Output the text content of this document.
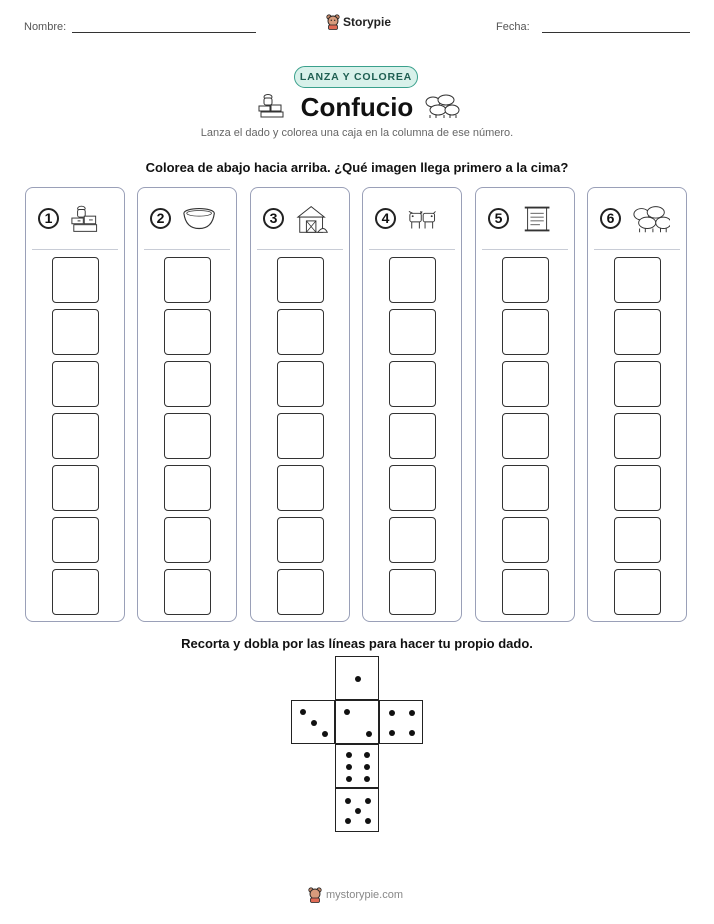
Nombre:	Storypie	Fecha:
LANZA Y COLOREA
Confucio
Lanza el dado y colorea una caja en la columna de ese número.
Colorea de abajo hacia arriba. ¿Qué imagen llega primero a la cima?
1	2	3	4	5	6
Recorta y dobla por las líneas para hacer tu propio dado.
mystorypie.com
